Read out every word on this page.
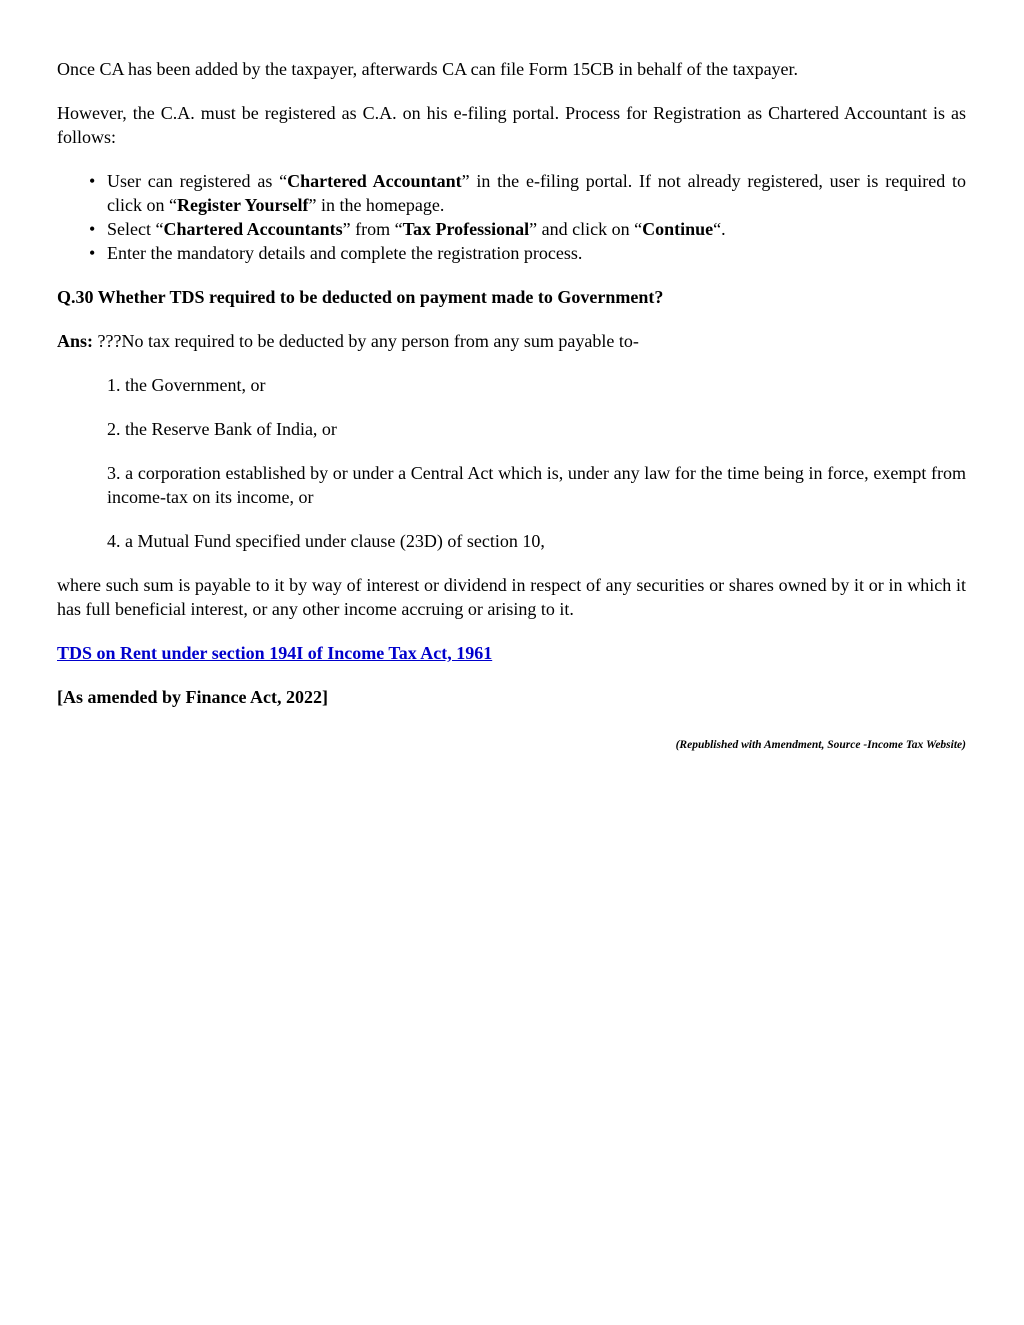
Once CA has been added by the taxpayer, afterwards CA can file Form 15CB in behalf of the taxpayer.

However, the C.A. must be registered as C.A. on his e-filing portal. Process for Registration as Chartered Accountant is as follows:

• User can registered as “Chartered Accountant” in the e-filing portal. If not already registered, user is required to click on “Register Yourself” in the homepage.
• Select “Chartered Accountants” from “Tax Professional” and click on “Continue“.
• Enter the mandatory details and complete the registration process.

Q.30 Whether TDS required to be deducted on payment made to Government?

Ans: ???No tax required to be deducted by any person from any sum payable to-

1. the Government, or

2. the Reserve Bank of India, or

3. a corporation established by or under a Central Act which is, under any law for the time being in force, exempt from income-tax on its income, or

4. a Mutual Fund specified under clause (23D) of section 10,

where such sum is payable to it by way of interest or dividend in respect of any securities or shares owned by it or in which it has full beneficial interest, or any other income accruing or arising to it.

TDS on Rent under section 194I of Income Tax Act, 1961

[As amended by Finance Act, 2022]

(Republished with Amendment, Source -Income Tax Website)
